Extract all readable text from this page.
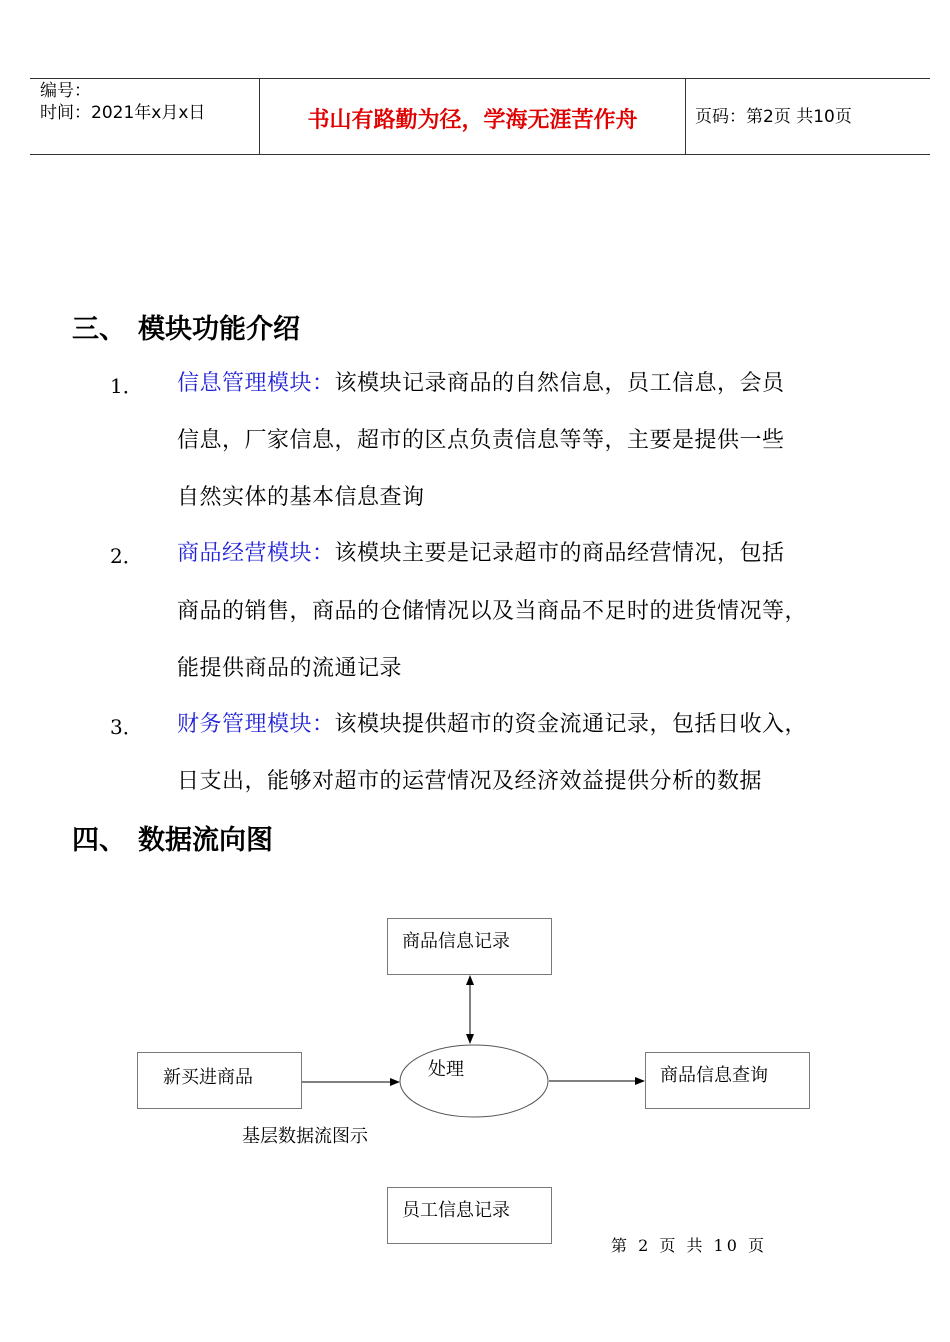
编号：
时间：2021年x月x日	书山有路勤为径，学海无涯苦作舟	页码：第2页 共10页
三、 模块功能介绍
1． 信息管理模块：该模块记录商品的自然信息，员工信息，会员
信息，厂家信息，超市的区点负责信息等等，主要是提供一些
自然实体的基本信息查询
2． 商品经营模块：该模块主要是记录超市的商品经营情况，包括
商品的销售，商品的仓储情况以及当商品不足时的进货情况等，
能提供商品的流通记录
3． 财务管理模块：该模块提供超市的资金流通记录，包括日收入，
日支出，能够对超市的运营情况及经济效益提供分析的数据
四、 数据流向图
商品信息记录
新买进商品	处理	商品信息查询
基层数据流图示
员工信息记录
第 2 页 共 10 页
